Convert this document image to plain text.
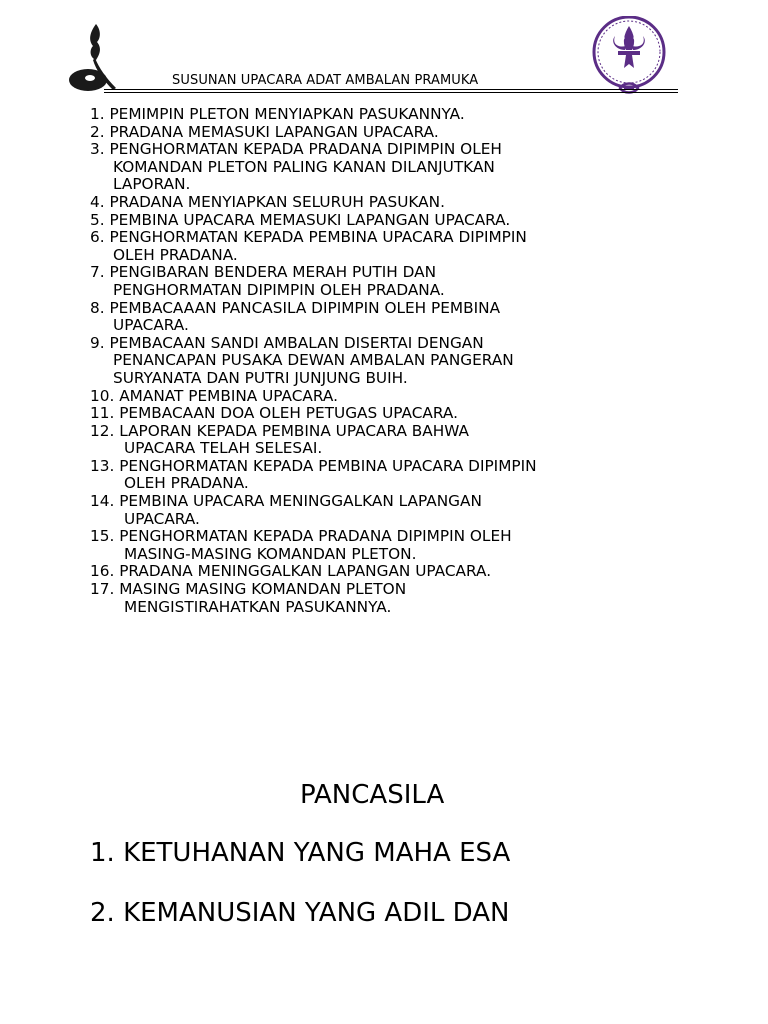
SUSUNAN UPACARA ADAT AMBALAN PRAMUKA
1. PEMIMPIN PLETON MENYIAPKAN PASUKANNYA.
2. PRADANA MEMASUKI LAPANGAN UPACARA.
3. PENGHORMATAN KEPADA PRADANA DIPIMPIN OLEH
KOMANDAN PLETON PALING KANAN DILANJUTKAN
LAPORAN.
4. PRADANA MENYIAPKAN SELURUH PASUKAN.
5. PEMBINA UPACARA MEMASUKI LAPANGAN UPACARA.
6. PENGHORMATAN KEPADA PEMBINA UPACARA DIPIMPIN
OLEH PRADANA.
7. PENGIBARAN BENDERA MERAH PUTIH DAN
PENGHORMATAN DIPIMPIN OLEH PRADANA.
8. PEMBACAAAN PANCASILA DIPIMPIN OLEH PEMBINA
UPACARA.
9. PEMBACAAN SANDI AMBALAN DISERTAI DENGAN
PENANCAPAN PUSAKA DEWAN AMBALAN PANGERAN
SURYANATA DAN PUTRI JUNJUNG BUIH.
10. AMANAT PEMBINA UPACARA.
11. PEMBACAAN DOA OLEH PETUGAS UPACARA.
12. LAPORAN KEPADA PEMBINA UPACARA BAHWA
UPACARA TELAH SELESAI.
13. PENGHORMATAN KEPADA PEMBINA UPACARA DIPIMPIN
OLEH PRADANA.
14. PEMBINA UPACARA MENINGGALKAN LAPANGAN
UPACARA.
15. PENGHORMATAN KEPADA PRADANA DIPIMPIN OLEH
MASING-MASING KOMANDAN PLETON.
16. PRADANA MENINGGALKAN LAPANGAN UPACARA.
17. MASING MASING KOMANDAN PLETON
MENGISTIRAHATKAN PASUKANNYA.
PANCASILA

1. KETUHANAN YANG MAHA ESA

2. KEMANUSIAN YANG ADIL DAN
